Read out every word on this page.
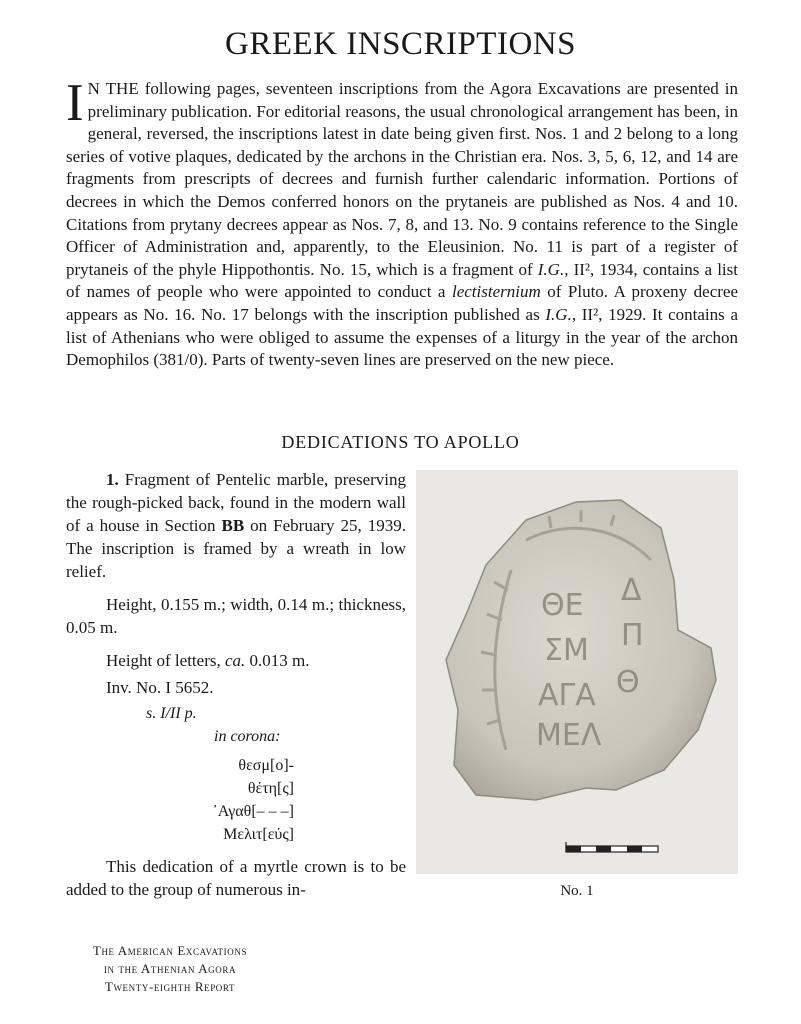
GREEK INSCRIPTIONS

I N THE following pages, seventeen inscriptions from the Agora Excavations are presented in preliminary publication. For editorial reasons, the usual chronological arrangement has been, in general, reversed, the inscriptions latest in date being given first. Nos. 1 and 2 belong to a long series of votive plaques, dedicated by the archons in the Christian era. Nos. 3, 5, 6, 12, and 14 are fragments from prescripts of decrees and furnish further calendaric information. Portions of decrees in which the Demos conferred honors on the prytaneis are published as Nos. 4 and 10. Citations from prytany decrees appear as Nos. 7, 8, and 13. No. 9 contains reference to the Single Officer of Administration and, apparently, to the Eleusinion. No. 11 is part of a register of prytaneis of the phyle Hippothontis. No. 15, which is a fragment of I.G., II², 1934, contains a list of names of people who were appointed to conduct a lectisternium of Pluto. A proxeny decree appears as No. 16. No. 17 belongs with the inscription published as I.G., II², 1929. It contains a list of Athenians who were obliged to assume the expenses of a liturgy in the year of the archon Demophilos (381/0). Parts of twenty-seven lines are preserved on the new piece.

DEDICATIONS TO APOLLO

1. Fragment of Pentelic marble, preserving the rough-picked back, found in the modern wall of a house in Section BB on February 25, 1939. The inscription is framed by a wreath in low relief.

Height, 0.155 m.; width, 0.14 m.; thickness, 0.05 m.

Height of letters, ca. 0.013 m.

Inv. No. I 5652.

s. I/II p.
in corona:
θεσμ[ο]-
θέτη[ς]
᾿Αγαθ[– – –]
Μελιτ[εύς]

This dedication of a myrtle crown is to be added to the group of numerous in-

ΘΕ Δ
ΣΜ Π
ΑΓΑ Θ
ΜΕΛ
No. 1
The American Excavations
in the Athenian Agora
Twenty-eighth Report
